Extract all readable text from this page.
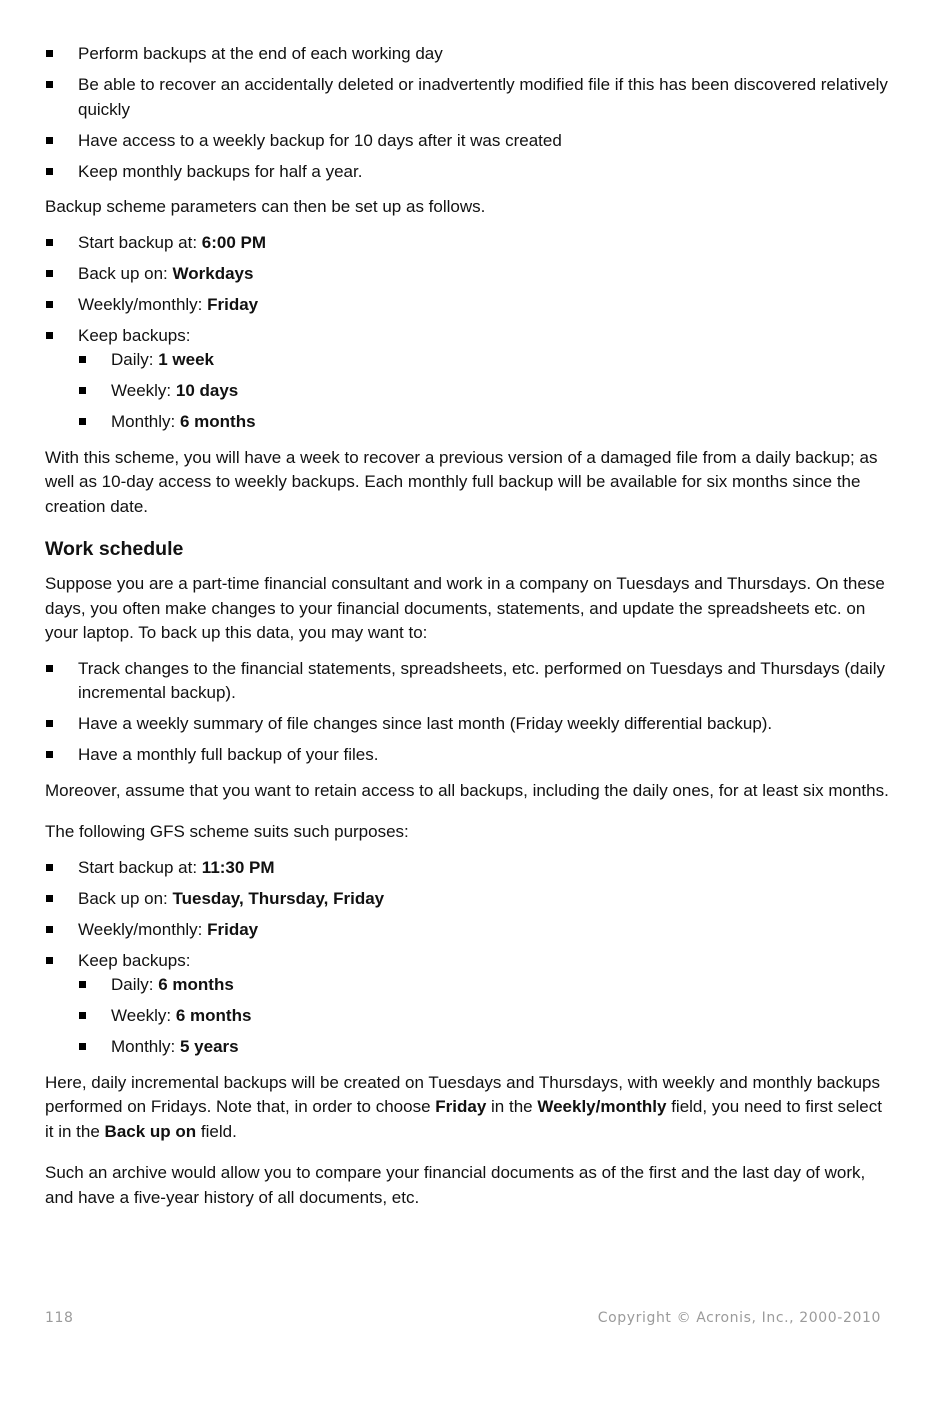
Perform backups at the end of each working day
Be able to recover an accidentally deleted or inadvertently modified file if this has been discovered relatively quickly
Have access to a weekly backup for 10 days after it was created
Keep monthly backups for half a year.

Backup scheme parameters can then be set up as follows.

Start backup at: 6:00 PM
Back up on: Workdays
Weekly/monthly: Friday
Keep backups:
Daily: 1 week
Weekly: 10 days
Monthly: 6 months

With this scheme, you will have a week to recover a previous version of a damaged file from a daily backup; as well as 10-day access to weekly backups. Each monthly full backup will be available for six months since the creation date.

Work schedule

Suppose you are a part-time financial consultant and work in a company on Tuesdays and Thursdays. On these days, you often make changes to your financial documents, statements, and update the spreadsheets etc. on your laptop. To back up this data, you may want to:

Track changes to the financial statements, spreadsheets, etc. performed on Tuesdays and Thursdays (daily incremental backup).
Have a weekly summary of file changes since last month (Friday weekly differential backup).
Have a monthly full backup of your files.

Moreover, assume that you want to retain access to all backups, including the daily ones, for at least six months.

The following GFS scheme suits such purposes:

Start backup at: 11:30 PM
Back up on: Tuesday, Thursday, Friday
Weekly/monthly: Friday
Keep backups:
Daily: 6 months
Weekly: 6 months
Monthly: 5 years

Here, daily incremental backups will be created on Tuesdays and Thursdays, with weekly and monthly backups performed on Fridays. Note that, in order to choose Friday in the Weekly/monthly field, you need to first select it in the Back up on field.

Such an archive would allow you to compare your financial documents as of the first and the last day of work, and have a five-year history of all documents, etc.

118	Copyright © Acronis, Inc., 2000-2010
